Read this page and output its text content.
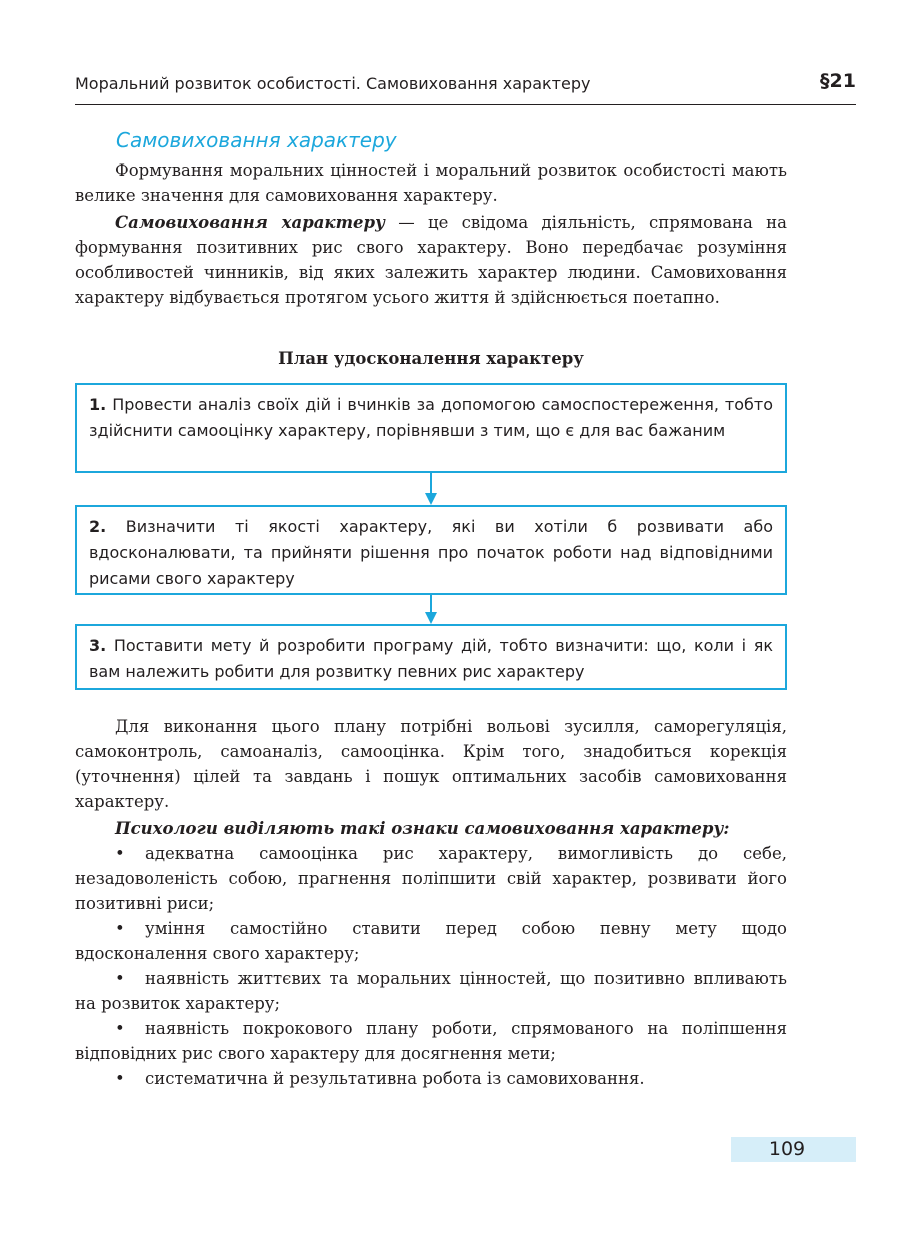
Моральний розвиток особистості. Самовиховання характеру	§21
Самовиховання характеру

Формування моральних цінностей і моральний розвиток особистості мають велике значення для самовиховання характеру.

Самовиховання характеру — це свідома діяльність, спрямована на формування позитивних рис свого характеру. Воно передбачає розуміння особливостей чинників, від яких залежить характер людини. Самовиховання характеру відбувається протягом усього життя й здійснюється поетапно.

План удосконалення характеру
1. Провести аналіз своїх дій і вчинків за допомогою самоспостереження, тобто здійснити самооцінку характеру, порівнявши з тим, що є для вас бажаним
2. Визначити ті якості характеру, які ви хотіли б розвивати або вдосконалювати, та прийняти рішення про початок роботи над відповідними рисами свого характеру
3. Поставити мету й розробити програму дій, тобто визначити: що, коли і як вам належить робити для розвитку певних рис характеру

Для виконання цього плану потрібні вольові зусилля, саморегуляція, самоконтроль, самоаналіз, самооцінка. Крім того, знадобиться корекція (уточнення) цілей та завдань і пошук оптимальних засобів самовиховання характеру.

Психологи виділяють такі ознаки самовиховання характеру:

• адекватна самооцінка рис характеру, вимогливість до себе, незадоволеність собою, прагнення поліпшити свій характер, розвивати його позитивні риси;
• уміння самостійно ставити перед собою певну мету щодо вдосконалення свого характеру;
• наявність життєвих та моральних цінностей, що позитивно впливають на розвиток характеру;
• наявність покрокового плану роботи, спрямованого на поліпшення відповідних рис свого характеру для досягнення мети;
• систематична й результативна робота із самовиховання.
109
